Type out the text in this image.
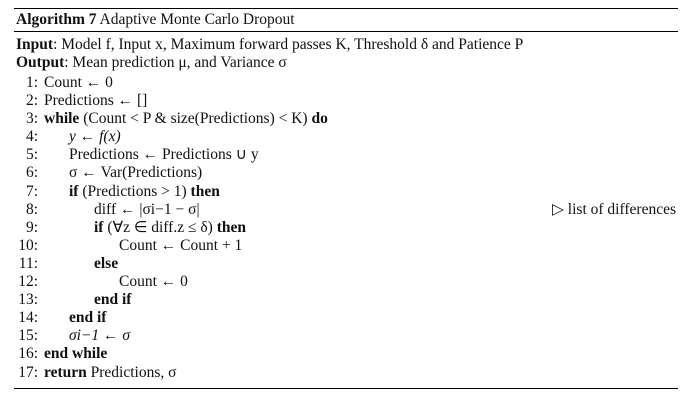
Algorithm 7 Adaptive Monte Carlo Dropout
Input: Model f, Input x, Maximum forward passes K, Threshold δ and Patience P
Output: Mean prediction μ, and Variance σ
1: Count ← 0
2: Predictions ← []
3: while (Count < P & size(Predictions) < K) do
4: y ← f(x)
5: Predictions ← Predictions ∪ y
6: σ ← Var(Predictions)
7: if (Predictions > 1) then
8:	diff ← |σi−1 − σ|	▷ list of differences
9:	if (∀z ∈ diff.z ≤ δ) then
10:	Count ← Count + 1
11:	else
12:	Count ← 0
13:	end if
14: end if
15: σi−1 ← σ
16: end while
17: return Predictions, σ
